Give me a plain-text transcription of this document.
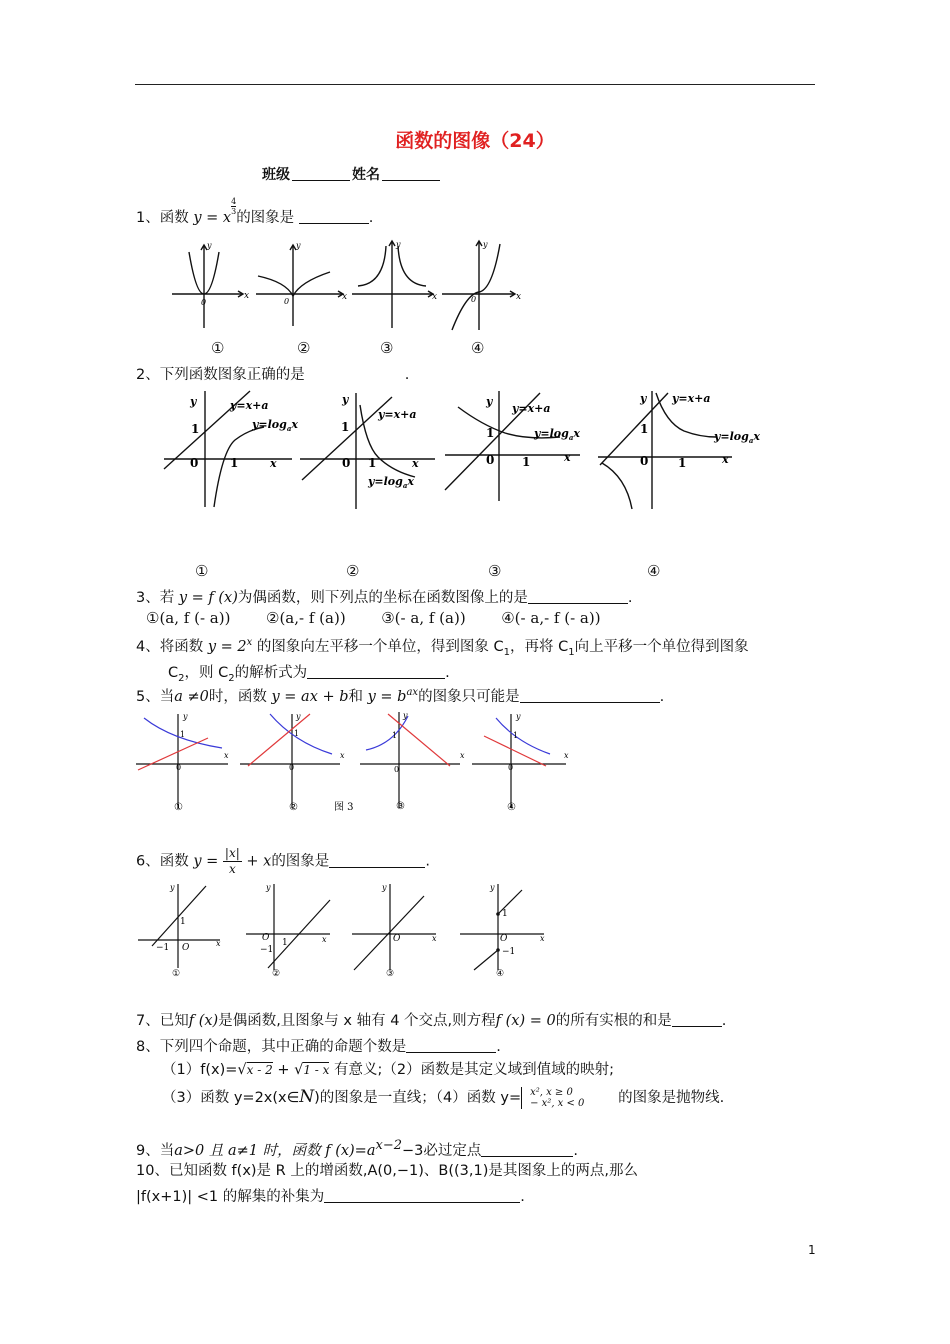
函数的图像（24）
班级	姓名
1、函数 y = x
$\frac{4}{3}$
的图象是	.
0
y
x
0
y
x
y
x	0
y
x
①	②	③	④
2、下列函数图象正确的是	.
y
1
0	1	x
y=x+a
$y=\log_ax$
y
1
0 1	x
y=x+a
$y=\log_ax$
y
1
0 1	x
y=x+a
$y=\log_ax$
y
1
0 1	x
y=x+a
$y=\log_ax$
①	②	③	④
3、若 y = f (x)为偶函数，则下列点的坐标在函数图像上的是	.
①(a, f (- a)) ②(a,- f (a)) ③(- a, f (a)) ④(- a,- f (- a))
4、将函数 $y = 2^x$ 的图象向左平移一个单位，得到图象 $C_1$，再将 $C_1$向上平移一个单位得到图象
$C_2$，则 $C_2$的解析式为	.
5、当a ≠0时，函数 y = ax + b和 $y = b^{ax}$的图象只可能是	.
y
1
0
x
①
y
1
0
x
②	图 3
y
1
0
x
③
y
1
0
x
④
6、函数 $y = \frac{|x|}{x} + x$的图象是	.
y
1
−1 O	x
①
y
O
−1
1	x
②
y
O	x
③
y
1
−1
O	x
④
7、已知f (x)是偶函数,且图象与 x 轴有 4 个交点,则方程f (x) = 0的所有实根的和是	.
8、下列四个命题，其中正确的命题个数是	.
（1）f(x)=√x - 2 + √1 - x 有意义;（2）函数是其定义域到值域的映射;
（3）函数 y=2x(x∈N)的图象是一直线；（4）函数 y= x², x ≥ 0
− x², x < 0	的图象是抛物线.
9、当a>0 且 a≠1 时，函数 f $(x)=a^{x-2}-3$必过定点	.
10、已知函数 f(x)是 R 上的增函数,A(0,−1)、B((3,1)是其图象上的两点,那么
|f(x+1)| <1 的解集的补集为	.
1
